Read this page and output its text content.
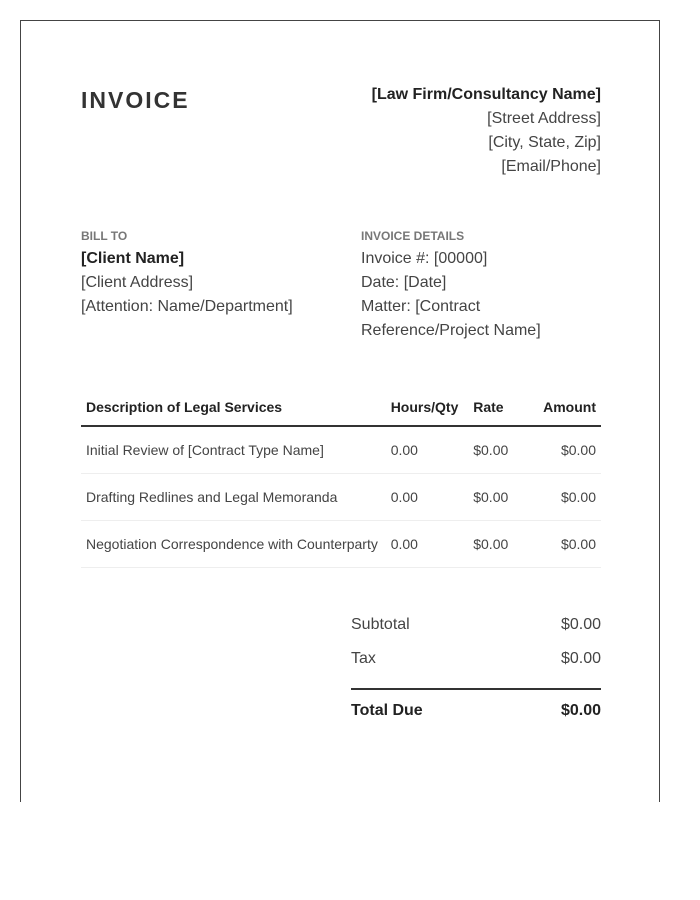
INVOICE	[Law Firm/Consultancy Name]
[Street Address]
[City, State, Zip]
[Email/Phone]
BILL TO
[Client Name]
[Client Address]
[Attention: Name/Department]
INVOICE DETAILS
Invoice #: [00000]
Date: [Date]
Matter: [Contract
Reference/Project Name]
Description of Legal Services	Hours/Qty	Rate	Amount
Initial Review of [Contract Type Name]	0.00	$0.00	$0.00
Drafting Redlines and Legal Memoranda	0.00	$0.00	$0.00
Negotiation Correspondence with Counterparty	0.00	$0.00	$0.00
Subtotal	$0.00
Tax	$0.00
Total Due	$0.00
